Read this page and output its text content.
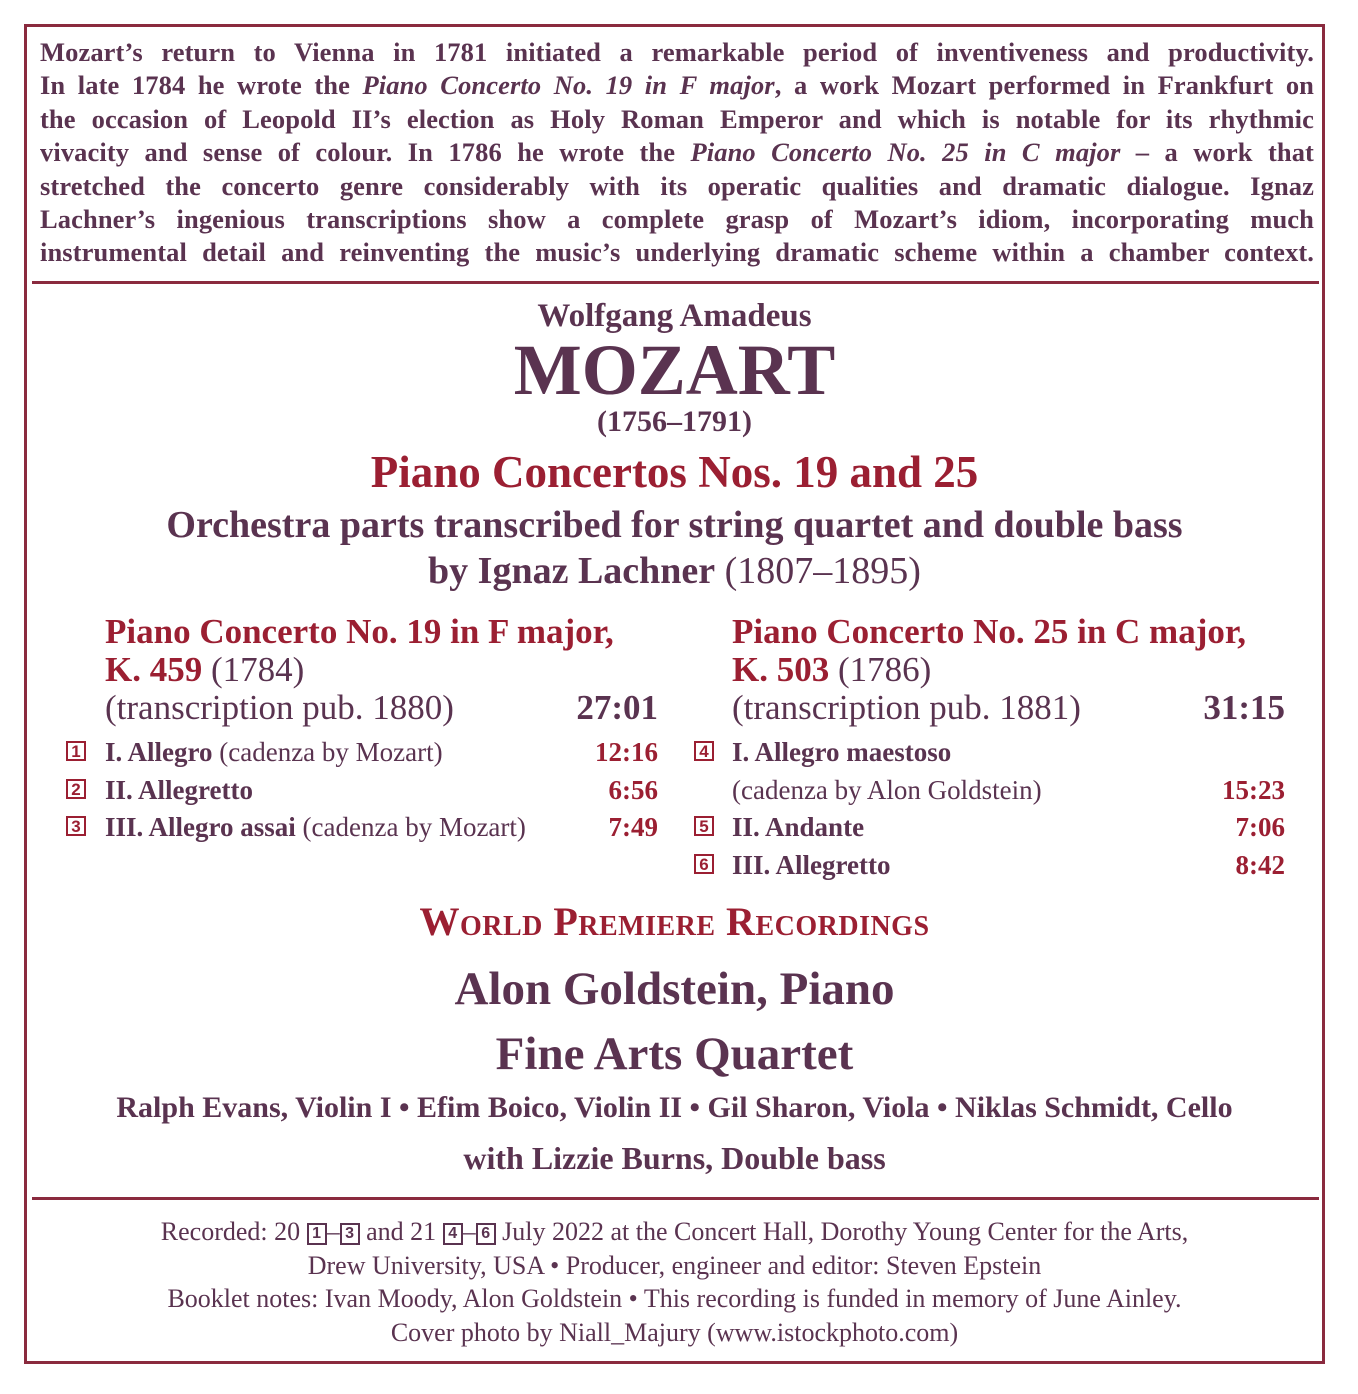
Mozart’s return to Vienna in 1781 initiated a remarkable period of inventiveness and productivity.
In late 1784 he wrote the Piano Concerto No. 19 in F major, a work Mozart performed in Frankfurt on
the occasion of Leopold II’s election as Holy Roman Emperor and which is notable for its rhythmic
vivacity and sense of colour. In 1786 he wrote the Piano Concerto No. 25 in C major – a work that
stretched the concerto genre considerably with its operatic qualities and dramatic dialogue. Ignaz
Lachner’s ingenious transcriptions show a complete grasp of Mozart’s idiom, incorporating much
instrumental detail and reinventing the music’s underlying dramatic scheme within a chamber context.
Wolfgang Amadeus
MOZART
(1756–1791)
Piano Concertos Nos. 19 and 25
Orchestra parts transcribed for string quartet and double bass
by Ignaz Lachner (1807–1895)
Piano Concerto No. 19 in F major,
K. 459 (1784)
(transcription pub. 1880)	27:01
Piano Concerto No. 25 in C major,
K. 503 (1786)
(transcription pub. 1881)	31:15
1 I. Allegro (cadenza by Mozart)	12:16
2 II. Allegretto	6:56
3 III. Allegro assai (cadenza by Mozart)	7:49
4 I. Allegro maestoso
(cadenza by Alon Goldstein)	15:23
5 II. Andante	7:06
6 III. Allegretto	8:42
World Premiere Recordings
Alon Goldstein, Piano
Fine Arts Quartet
Ralph Evans, Violin I • Efim Boico, Violin II • Gil Sharon, Viola • Niklas Schmidt, Cello
with Lizzie Burns, Double bass
Recorded: 20 1 – 3 and 21 4 – 6 July 2022 at the Concert Hall, Dorothy Young Center for the Arts,
Drew University, USA • Producer, engineer and editor: Steven Epstein
Booklet notes: Ivan Moody, Alon Goldstein • This recording is funded in memory of June Ainley.
Cover photo by Niall_Majury (www.istockphoto.com)
